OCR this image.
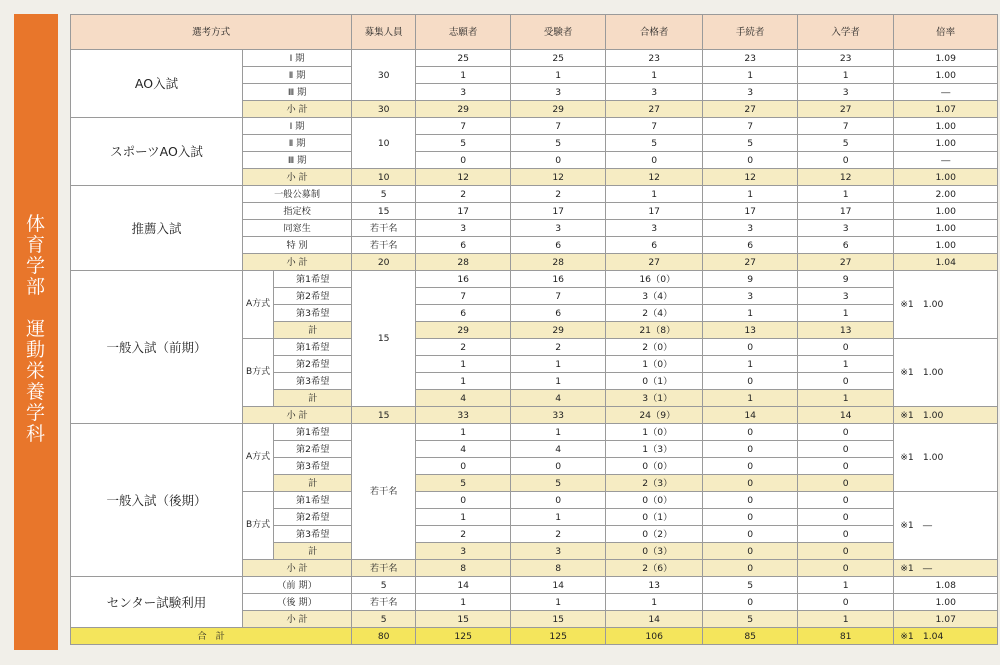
体
育
学
部

運
動
栄
養
学
科
選考方式			募集人員	志願者	受験者	合格者	手続者	入学者	倍率
AO入試	Ⅰ 期		30	25	25	23	23	23	1.09
	Ⅱ 期			1	1	1	1	1	1.00
	Ⅲ 期			3	3	3	3	3	―
	小 計		30	29	29	27	27	27	1.07
スポーツAO入試	Ⅰ 期		10	7	7	7	7	7	1.00
	Ⅱ 期			5	5	5	5	5	1.00
	Ⅲ 期			0	0	0	0	0	―
	小 計		10	12	12	12	12	12	1.00
推薦入試	一般公募制		5	2	2	1	1	1	2.00
	指定校		15	17	17	17	17	17	1.00
	同窓生		若干名	3	3	3	3	3	1.00
	特 別		若干名	6	6	6	6	6	1.00
	小 計		20	28	28	27	27	27	1.04
一般入試（前期）	A方式	第1希望	15	16	16	16（0）	9	9	※1　1.00
		第2希望		7	7	3（4）	3	3	
		第3希望		6	6	2（4）	1	1	
		計		29	29	21（8）	13	13	
	B方式	第1希望		2	2	2（0）	0	0	※1　1.00
		第2希望		1	1	1（0）	1	1	
		第3希望		1	1	0（1）	0	0	
		計		4	4	3（1）	1	1	
	小 計		15	33	33	24（9）	14	14	※1　1.00
一般入試（後期）	A方式	第1希望	若干名	1	1	1（0）	0	0	※1　1.00
		第2希望		4	4	1（3）	0	0	
		第3希望		0	0	0（0）	0	0	
		計		5	5	2（3）	0	0	
	B方式	第1希望		0	0	0（0）	0	0	※1　―
		第2希望		1	1	0（1）	0	0	
		第3希望		2	2	0（2）	0	0	
		計		3	3	0（3）	0	0	
	小 計		若干名	8	8	2（6）	0	0	※1　―
センター試験利用	（前 期）		5	14	14	13	5	1	1.08
	（後 期）		若干名	1	1	1	0	0	1.00
	小 計		5	15	15	14	5	1	1.07
合　計			80	125	125	106	85	81	※1　1.04
